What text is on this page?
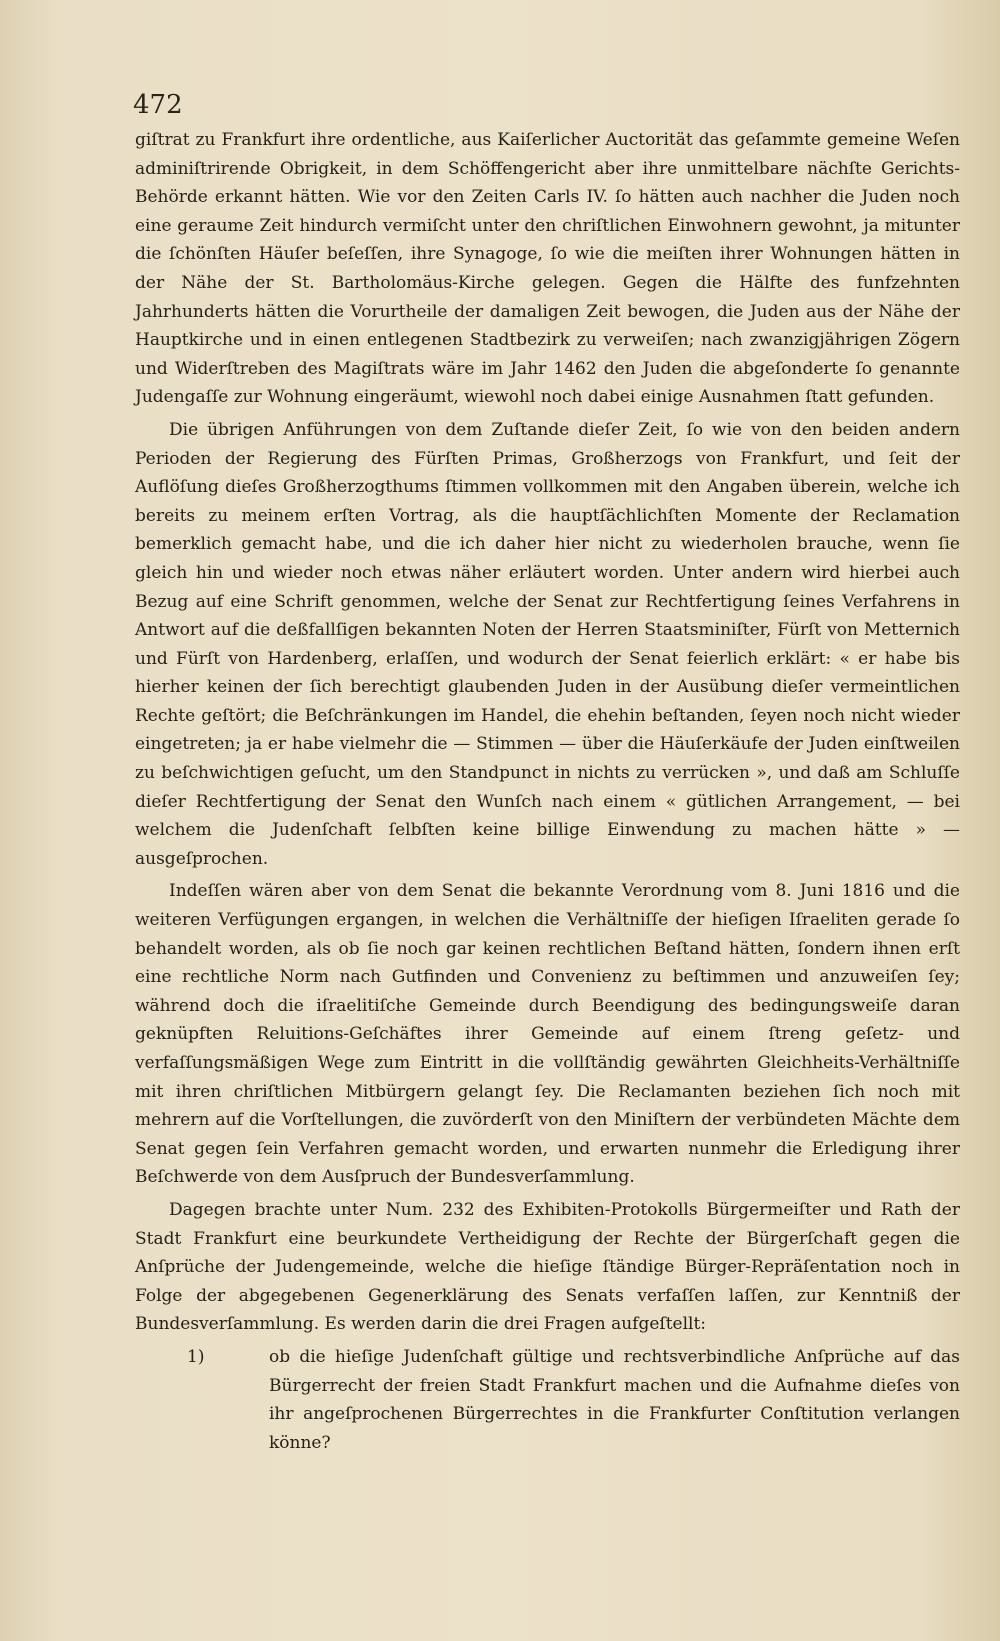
472

giſtrat zu Frankfurt ihre ordentliche, aus Kaiſerlicher Auctorität das geſammte gemeine Weſen adminiſtrirende Obrigkeit, in dem Schöffengericht aber ihre unmittelbare nächſte Gerichts-Behörde erkannt hätten. Wie vor den Zeiten Carls IV. ſo hätten auch nachher die Juden noch eine geraume Zeit hindurch vermiſcht unter den chriſtlichen Einwohnern gewohnt, ja mitunter die ſchönſten Häuſer beſeſſen, ihre Synagoge, ſo wie die meiſten ihrer Wohnungen hätten in der Nähe der St. Bartholomäus-Kirche gelegen. Gegen die Hälfte des funfzehnten Jahrhunderts hätten die Vorurtheile der damaligen Zeit bewogen, die Juden aus der Nähe der Hauptkirche und in einen entlegenen Stadtbezirk zu verweiſen; nach zwanzigjährigen Zögern und Widerſtreben des Magiſtrats wäre im Jahr 1462 den Juden die abgeſonderte ſo genannte Judengaſſe zur Wohnung eingeräumt, wiewohl noch dabei einige Ausnahmen ſtatt gefunden.

Die übrigen Anführungen von dem Zuſtande dieſer Zeit, ſo wie von den beiden andern Perioden der Regierung des Fürſten Primas, Großherzogs von Frankfurt, und ſeit der Auflöſung dieſes Großherzogthums ſtimmen vollkommen mit den Angaben überein, welche ich bereits zu meinem erſten Vortrag, als die hauptſächlichſten Momente der Reclamation bemerklich gemacht habe, und die ich daher hier nicht zu wiederholen brauche, wenn ſie gleich hin und wieder noch etwas näher erläutert worden. Unter andern wird hierbei auch Bezug auf eine Schrift genommen, welche der Senat zur Rechtfertigung ſeines Verfahrens in Antwort auf die deßfallſigen bekannten Noten der Herren Staatsminiſter, Fürſt von Metternich und Fürſt von Hardenberg, erlaſſen, und wodurch der Senat feierlich erklärt: « er habe bis hierher keinen der ſich berechtigt glaubenden Juden in der Ausübung dieſer vermeintlichen Rechte geſtört; die Beſchränkungen im Handel, die ehehin beſtanden, ſeyen noch nicht wieder eingetreten; ja er habe vielmehr die — Stimmen — über die Häuſerkäufe der Juden einſtweilen zu beſchwichtigen geſucht, um den Standpunct in nichts zu verrücken », und daß am Schluſſe dieſer Rechtfertigung der Senat den Wunſch nach einem « gütlichen Arrangement, — bei welchem die Judenſchaft ſelbſten keine billige Einwendung zu machen hätte » — ausgeſprochen.

Indeſſen wären aber von dem Senat die bekannte Verordnung vom 8. Juni 1816 und die weiteren Verfügungen ergangen, in welchen die Verhältniſſe der hieſigen Iſraeliten gerade ſo behandelt worden, als ob ſie noch gar keinen rechtlichen Beſtand hätten, ſondern ihnen erſt eine rechtliche Norm nach Gutfinden und Convenienz zu beſtimmen und anzuweiſen ſey; während doch die iſraelitiſche Gemeinde durch Beendigung des bedingungsweiſe daran geknüpften Reluitions-Geſchäftes ihrer Gemeinde auf einem ſtreng geſetz- und verfaſſungsmäßigen Wege zum Eintritt in die vollſtändig gewährten Gleichheits-Verhältniſſe mit ihren chriſtlichen Mitbürgern gelangt ſey. Die Reclamanten beziehen ſich noch mit mehrern auf die Vorſtellungen, die zuvörderſt von den Miniſtern der verbündeten Mächte dem Senat gegen ſein Verfahren gemacht worden, und erwarten nunmehr die Erledigung ihrer Beſchwerde von dem Ausſpruch der Bundesverſammlung.

Dagegen brachte unter Num. 232 des Exhibiten-Protokolls Bürgermeiſter und Rath der Stadt Frankfurt eine beurkundete Vertheidigung der Rechte der Bürgerſchaft gegen die Anſprüche der Judengemeinde, welche die hieſige ſtändige Bürger-Repräſentation noch in Folge der abgegebenen Gegenerklärung des Senats verfaſſen laſſen, zur Kenntniß der Bundesverſammlung. Es werden darin die drei Fragen aufgeſtellt:

1)	ob die hieſige Judenſchaft gültige und rechtsverbindliche Anſprüche auf das Bürgerrecht der freien Stadt Frankfurt machen und die Aufnahme dieſes von ihr angeſprochenen Bürgerrechtes in die Frankfurter Conſtitution verlangen könne?
